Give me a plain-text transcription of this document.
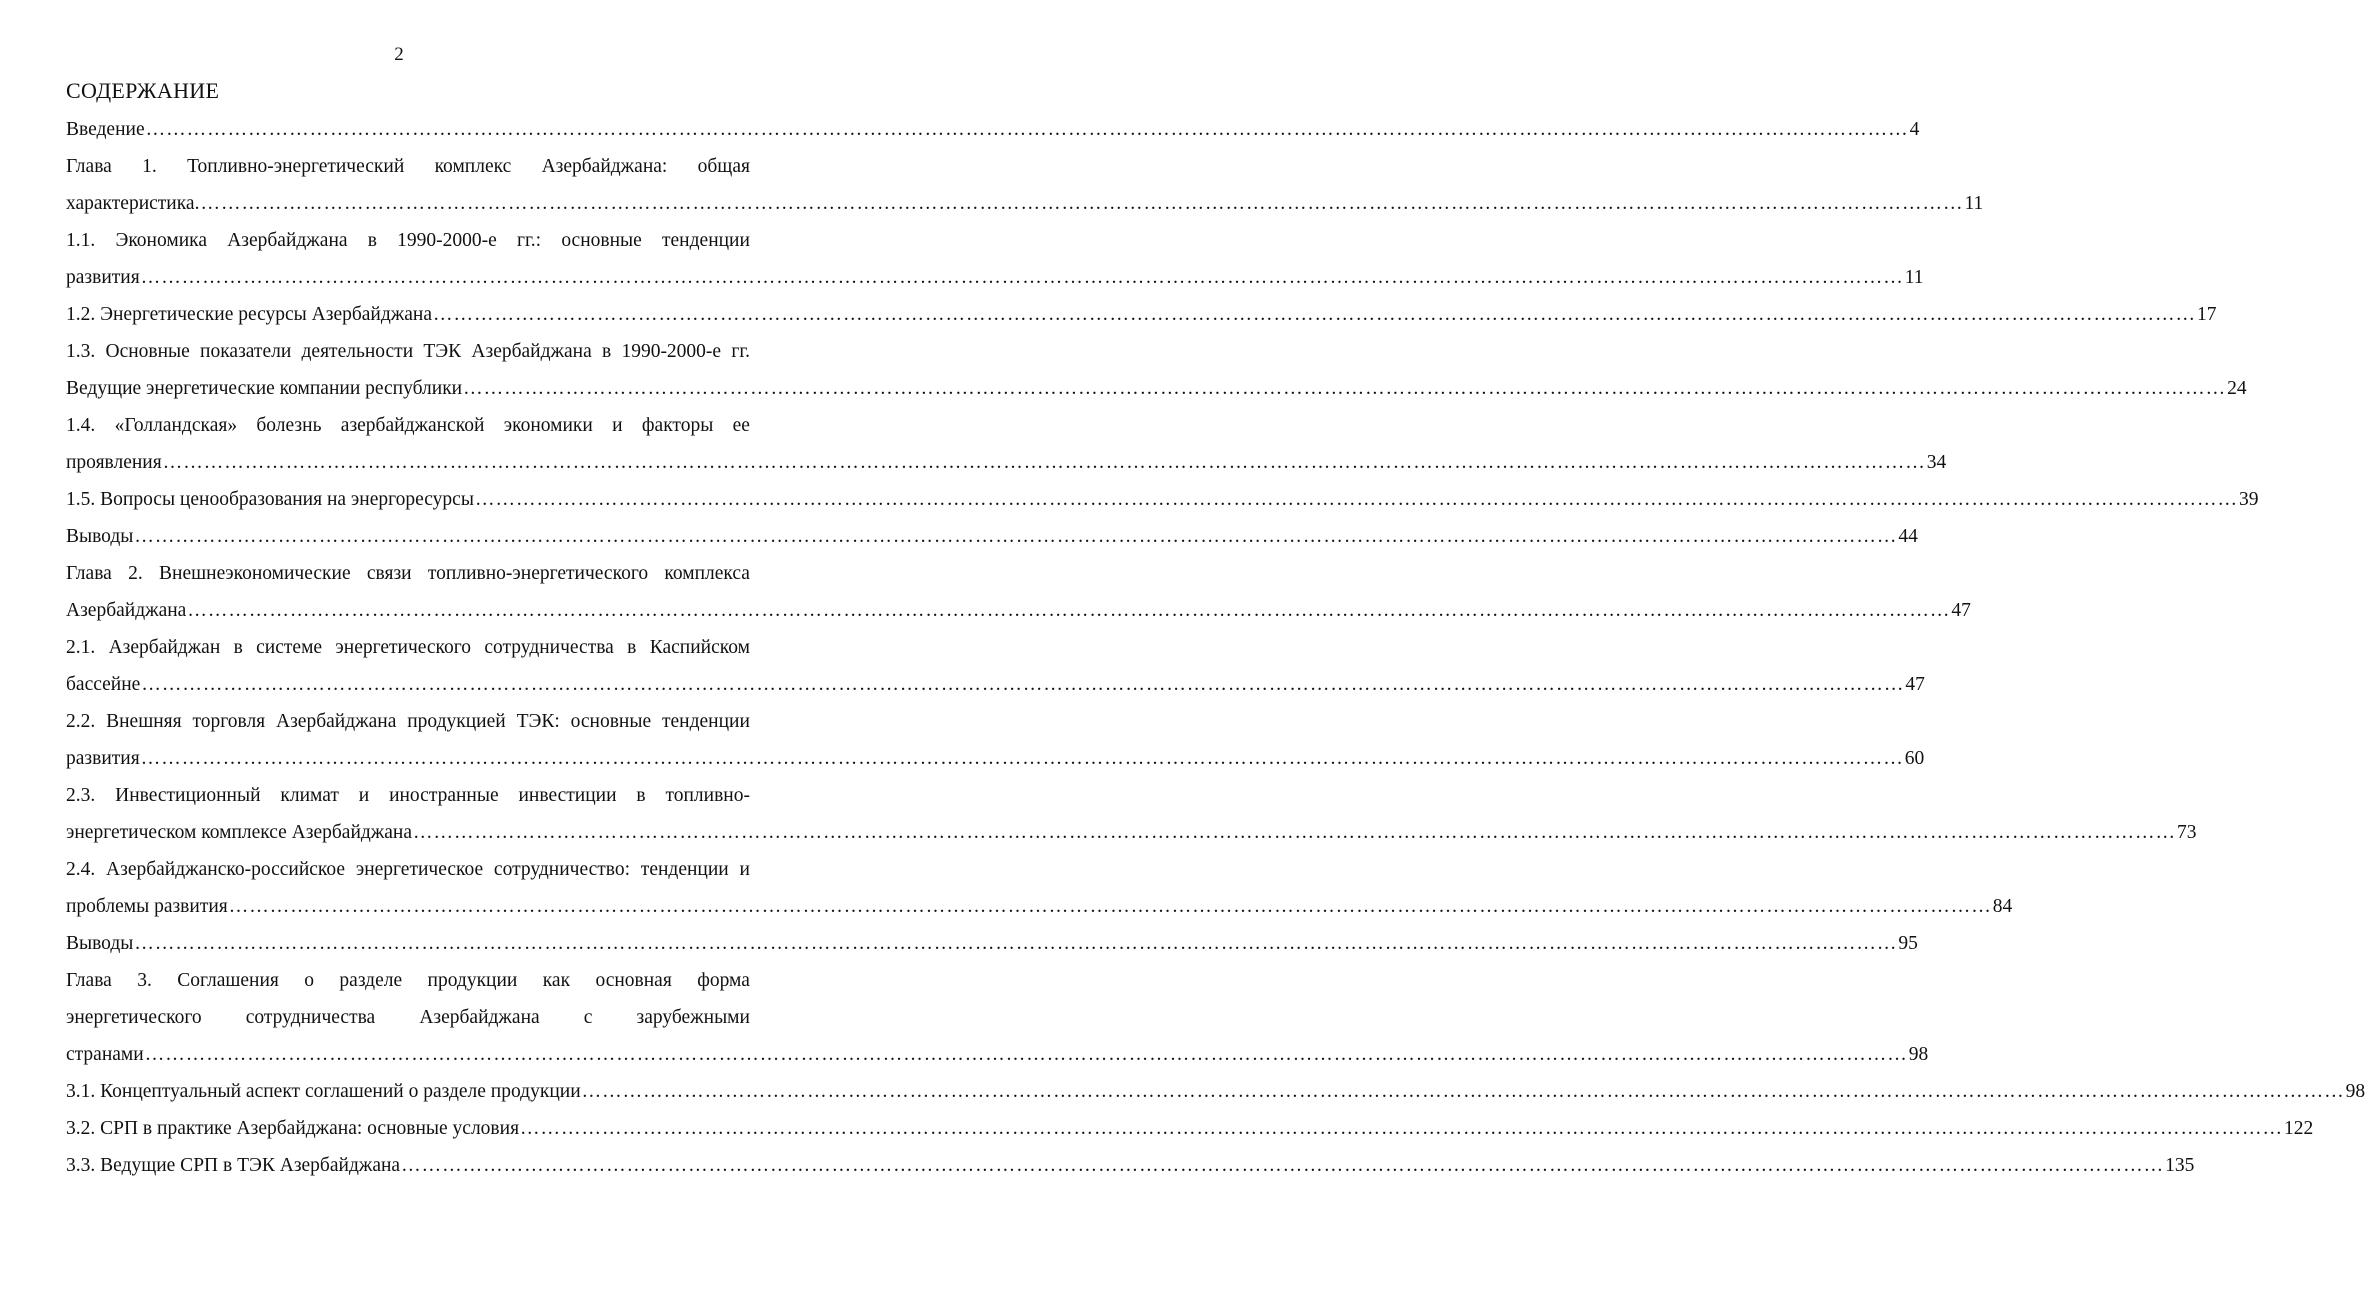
2
СОДЕРЖАНИЕ
Введение …………………………………………………………………………………………………………………………………………………………………………………………………………………………………… 4
Глава 1. Топливно-энергетический комплекс Азербайджана: общая
характеристика. …………………………………………………………………………………………………………………………………………………………………………………………………………………………………… 11
1.1. Экономика Азербайджана в 1990-2000-е гг.: основные тенденции
развития …………………………………………………………………………………………………………………………………………………………………………………………………………………………………… 11
1.2. Энергетические ресурсы Азербайджана …………………………………………………………………………………………………………………………………………………………………………………………………………………………………… 17
1.3. Основные показатели деятельности ТЭК Азербайджана в 1990-2000-е гг.
Ведущие энергетические компании республики …………………………………………………………………………………………………………………………………………………………………………………………………………………………………… 24
1.4. «Голландская» болезнь азербайджанской экономики и факторы ее
проявления …………………………………………………………………………………………………………………………………………………………………………………………………………………………………… 34
1.5. Вопросы ценообразования на энергоресурсы …………………………………………………………………………………………………………………………………………………………………………………………………………………………………… 39
Выводы …………………………………………………………………………………………………………………………………………………………………………………………………………………………………… 44
Глава 2. Внешнеэкономические связи топливно-энергетического комплекса
Азербайджана …………………………………………………………………………………………………………………………………………………………………………………………………………………………………… 47
2.1. Азербайджан в системе энергетического сотрудничества в Каспийском
бассейне …………………………………………………………………………………………………………………………………………………………………………………………………………………………………… 47
2.2. Внешняя торговля Азербайджана продукцией ТЭК: основные тенденции
развития …………………………………………………………………………………………………………………………………………………………………………………………………………………………………… 60
2.3. Инвестиционный климат и иностранные инвестиции в топливно-
энергетическом комплексе Азербайджана …………………………………………………………………………………………………………………………………………………………………………………………………………………………………… 73
2.4. Азербайджанско-российское энергетическое сотрудничество: тенденции и
проблемы развития …………………………………………………………………………………………………………………………………………………………………………………………………………………………………… 84
Выводы …………………………………………………………………………………………………………………………………………………………………………………………………………………………………… 95
Глава 3. Соглашения о разделе продукции как основная форма
энергетического сотрудничества Азербайджана с зарубежными
странами …………………………………………………………………………………………………………………………………………………………………………………………………………………………………… 98
3.1. Концептуальный аспект соглашений о разделе продукции …………………………………………………………………………………………………………………………………………………………………………………………………………………………………… 98
3.2. СРП в практике Азербайджана: основные условия …………………………………………………………………………………………………………………………………………………………………………………………………………………………………… 122
3.3. Ведущие СРП в ТЭК Азербайджана …………………………………………………………………………………………………………………………………………………………………………………………………………………………………… 135
